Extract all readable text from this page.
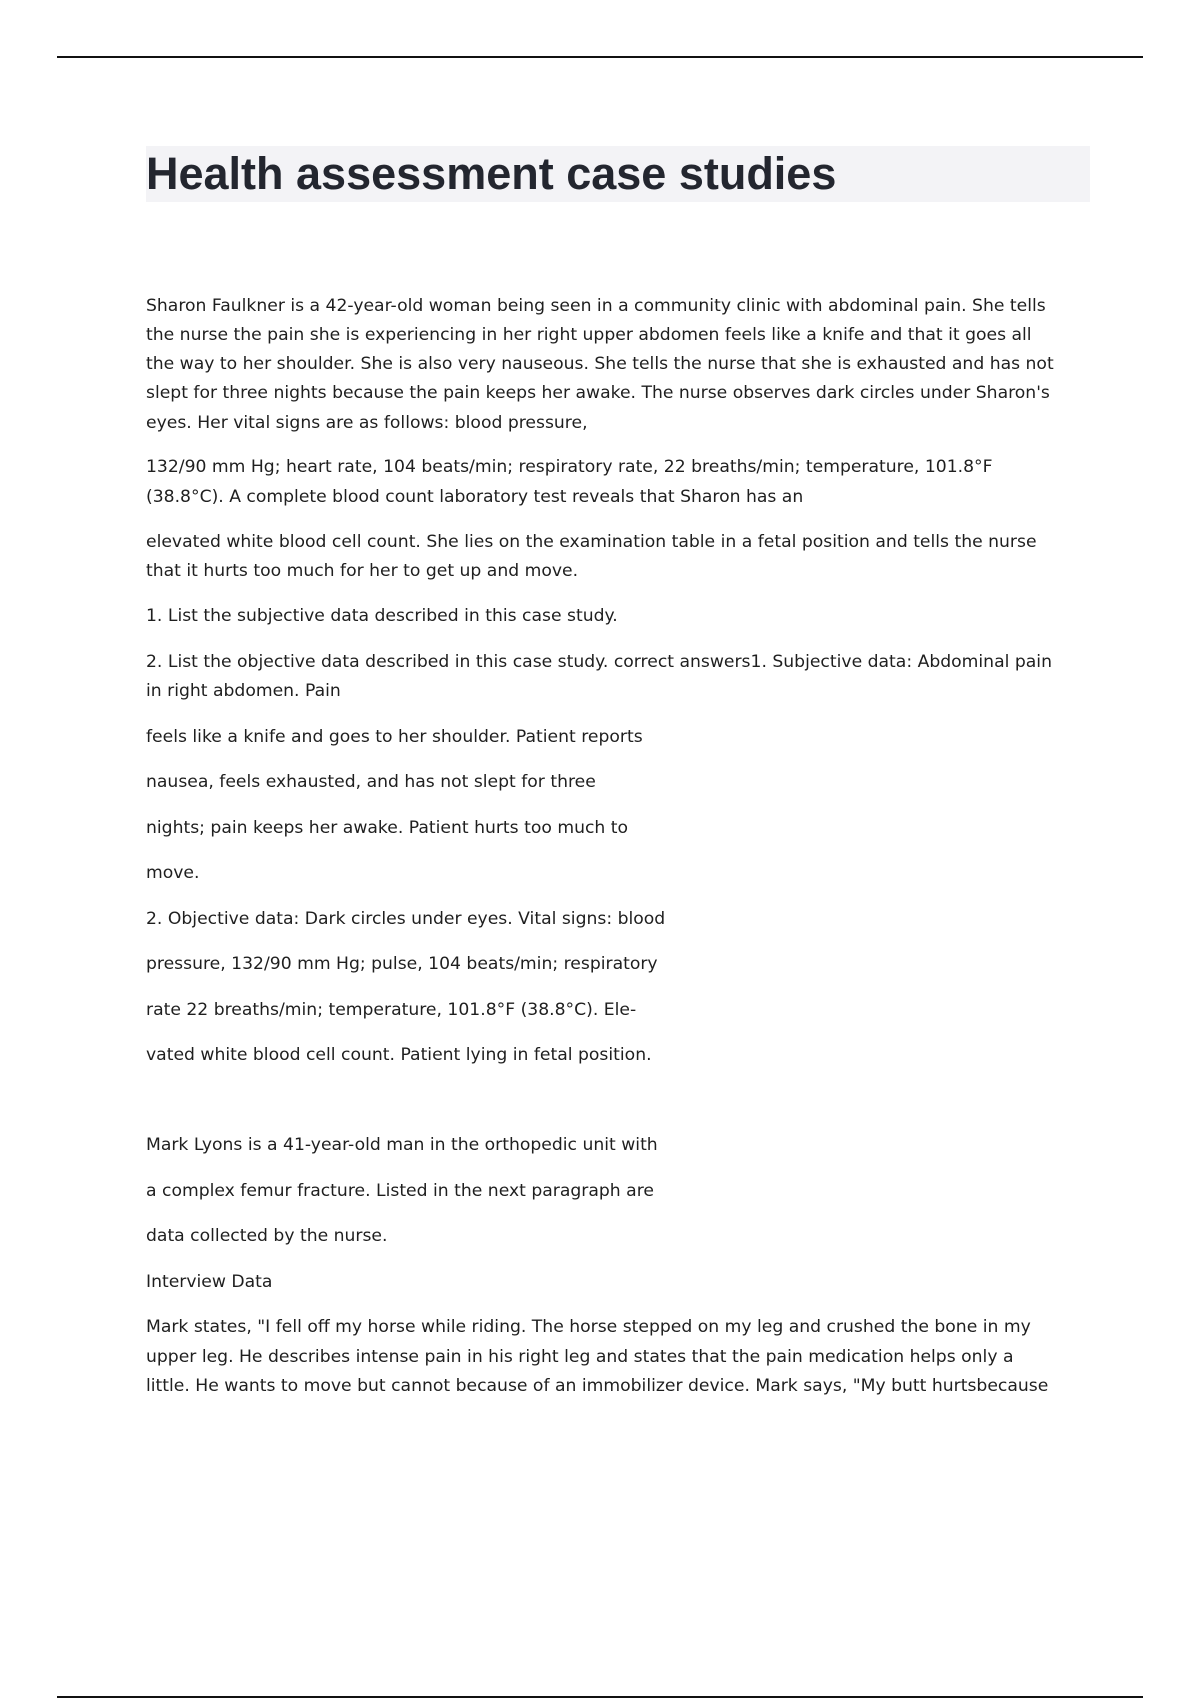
Health assessment case studies

Sharon Faulkner is a 42-year-old woman being seen in a community clinic with abdominal pain. She tells

the nurse the pain she is experiencing in her right upper abdomen feels like a knife and that it goes all

the way to her shoulder. She is also very nauseous. She tells the nurse that she is exhausted and has not

slept for three nights because the pain keeps her awake. The nurse observes dark circles under Sharon's

eyes. Her vital signs are as follows: blood pressure,

132/90 mm Hg; heart rate, 104 beats/min; respiratory rate, 22 breaths/min; temperature, 101.8°F

(38.8°C). A complete blood count laboratory test reveals that Sharon has an

elevated white blood cell count. She lies on the examination table in a fetal position and tells the nurse

that it hurts too much for her to get up and move.

1. List the subjective data described in this case study.

2. List the objective data described in this case study. correct answers1. Subjective data: Abdominal pain

in right abdomen. Pain

feels like a knife and goes to her shoulder. Patient reports

nausea, feels exhausted, and has not slept for three

nights; pain keeps her awake. Patient hurts too much to

move.

2. Objective data: Dark circles under eyes. Vital signs: blood

pressure, 132/90 mm Hg; pulse, 104 beats/min; respiratory

rate 22 breaths/min; temperature, 101.8°F (38.8°C). Ele-

vated white blood cell count. Patient lying in fetal position.

Mark Lyons is a 41-year-old man in the orthopedic unit with

a complex femur fracture. Listed in the next paragraph are

data collected by the nurse.

Interview Data

Mark states, "I fell off my horse while riding. The horse stepped on my leg and crushed the bone in my

upper leg. He describes intense pain in his right leg and states that the pain medication helps only a

little. He wants to move but cannot because of an immobilizer device. Mark says, "My butt hurtsbecause
